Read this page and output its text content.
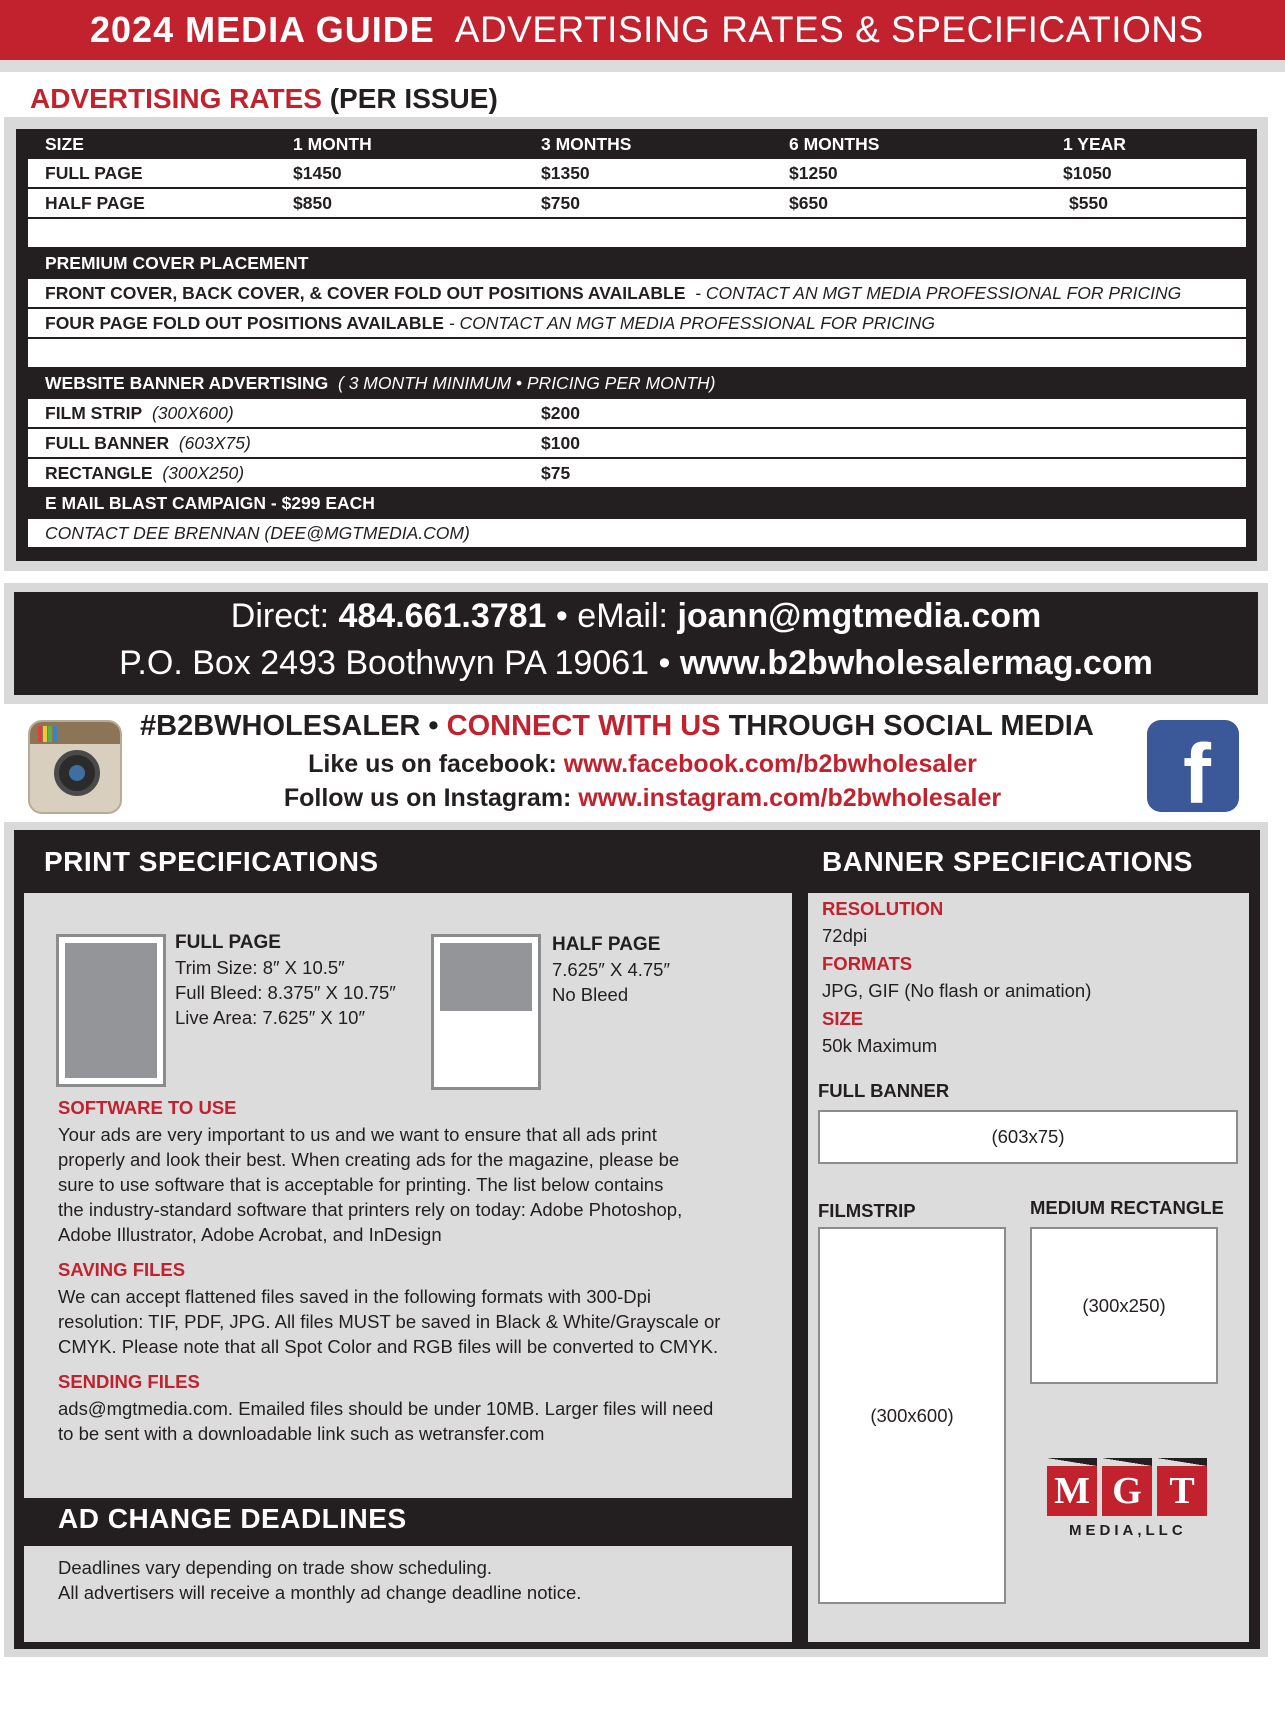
2024 MEDIA GUIDE ADVERTISING RATES & SPECIFICATIONS
ADVERTISING RATES (PER ISSUE)
SIZE	1 MONTH	3 MONTHS	6 MONTHS	1 YEAR
FULL PAGE	$1450	$1350	$1250	$1050
HALF PAGE	$850	$750	$650	$550
PREMIUM COVER PLACEMENT
FRONT COVER, BACK COVER, & COVER FOLD OUT POSITIONS AVAILABLE - CONTACT AN MGT MEDIA PROFESSIONAL FOR PRICING
FOUR PAGE FOLD OUT POSITIONS AVAILABLE - CONTACT AN MGT MEDIA PROFESSIONAL FOR PRICING
WEBSITE BANNER ADVERTISING ( 3 MONTH MINIMUM • PRICING PER MONTH)
FILM STRIP (300X600)	$200
FULL BANNER (603X75)	$100
RECTANGLE (300X250)	$75
E MAIL BLAST CAMPAIGN - $299 EACH
CONTACT DEE BRENNAN (DEE@MGTMEDIA.COM)
Direct: 484.661.3781 • eMail: joann@mgtmedia.com
P.O. Box 2493 Boothwyn PA 19061 • www.b2bwholesalermag.com
#B2BWHOLESALER • CONNECT WITH US THROUGH SOCIAL MEDIA
Like us on facebook: www.facebook.com/b2bwholesaler
Follow us on Instagram: www.instagram.com/b2bwholesaler	f
PRINT SPECIFICATIONS	BANNER SPECIFICATIONS
FULL PAGE
Trim Size: 8″ X 10.5″
Full Bleed: 8.375″ X 10.75″
Live Area: 7.625″ X 10″
HALF PAGE
7.625″ X 4.75″
No Bleed
SOFTWARE TO USE
Your ads are very important to us and we want to ensure that all ads print
properly and look their best. When creating ads for the magazine, please be
sure to use software that is acceptable for printing. The list below contains
the industry-standard software that printers rely on today: Adobe Photoshop,
Adobe Illustrator, Adobe Acrobat, and InDesign
SAVING FILES
We can accept flattened files saved in the following formats with 300-Dpi
resolution: TIF, PDF, JPG. All files MUST be saved in Black & White/Grayscale or
CMYK. Please note that all Spot Color and RGB files will be converted to CMYK.
SENDING FILES
ads@mgtmedia.com. Emailed files should be under 10MB. Larger files will need
to be sent with a downloadable link such as wetransfer.com
AD CHANGE DEADLINES
Deadlines vary depending on trade show scheduling.
All advertisers will receive a monthly ad change deadline notice.
RESOLUTION
72dpi
FORMATS
JPG, GIF (No flash or animation)
SIZE
50k Maximum
FULL BANNER
(603x75)
FILMSTRIP
(300x600)
MEDIUM RECTANGLE
(300x250)
M G T
MEDIA,LLC
